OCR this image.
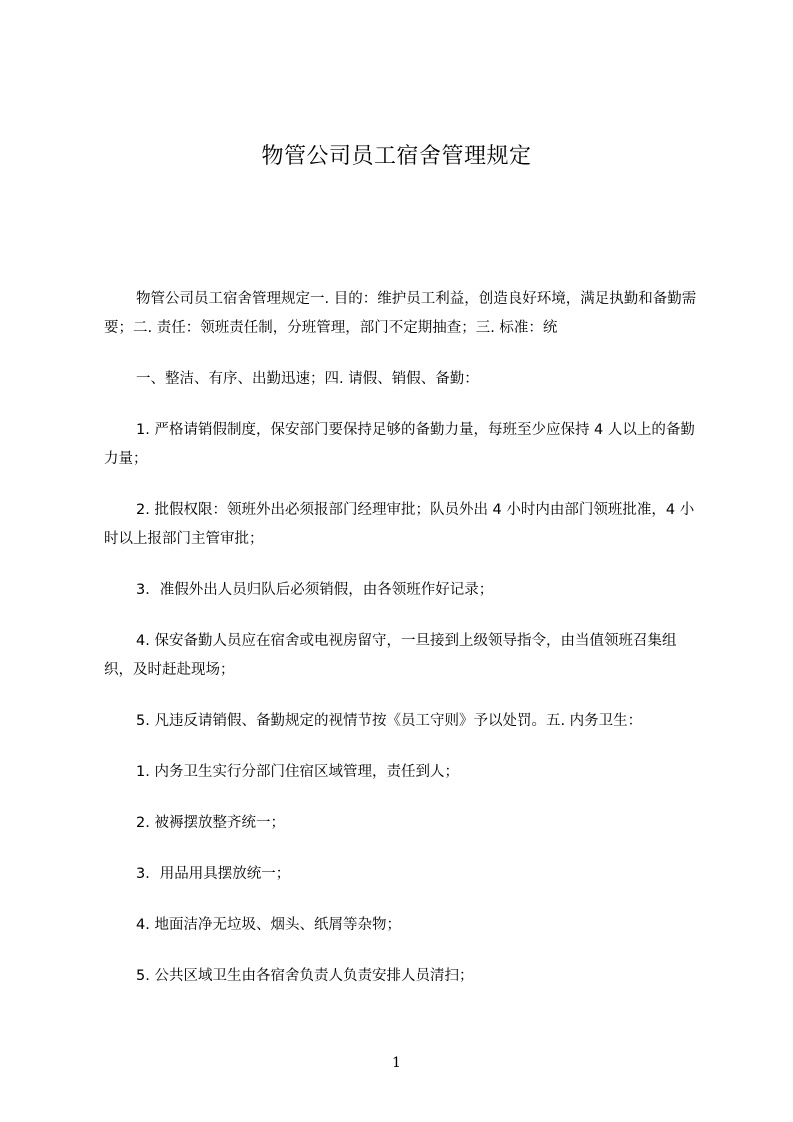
物管公司员工宿舍管理规定

物管公司员工宿舍管理规定一. 目的：维护员工利益，创造良好环境，满足执勤和备勤需要；二. 责任：领班责任制，分班管理，部门不定期抽查；三. 标准：统

一、整洁、有序、出勤迅速；四. 请假、销假、备勤：

1. 严格请销假制度，保安部门要保持足够的备勤力量，每班至少应保持 4 人以上的备勤力量；

2. 批假权限：领班外出必须报部门经理审批；队员外出 4 小时内由部门领班批准，4 小时以上报部门主管审批；

3．准假外出人员归队后必须销假，由各领班作好记录；

4. 保安备勤人员应在宿舍或电视房留守，一旦接到上级领导指令，由当值领班召集组织，及时赶赴现场；

5. 凡违反请销假、备勤规定的视情节按《员工守则》予以处罚。五. 内务卫生：

1. 内务卫生实行分部门住宿区域管理，责任到人；

2. 被褥摆放整齐统一；

3．用品用具摆放统一；

4. 地面洁净无垃圾、烟头、纸屑等杂物；

5. 公共区域卫生由各宿舍负责人负责安排人员清扫；

1
